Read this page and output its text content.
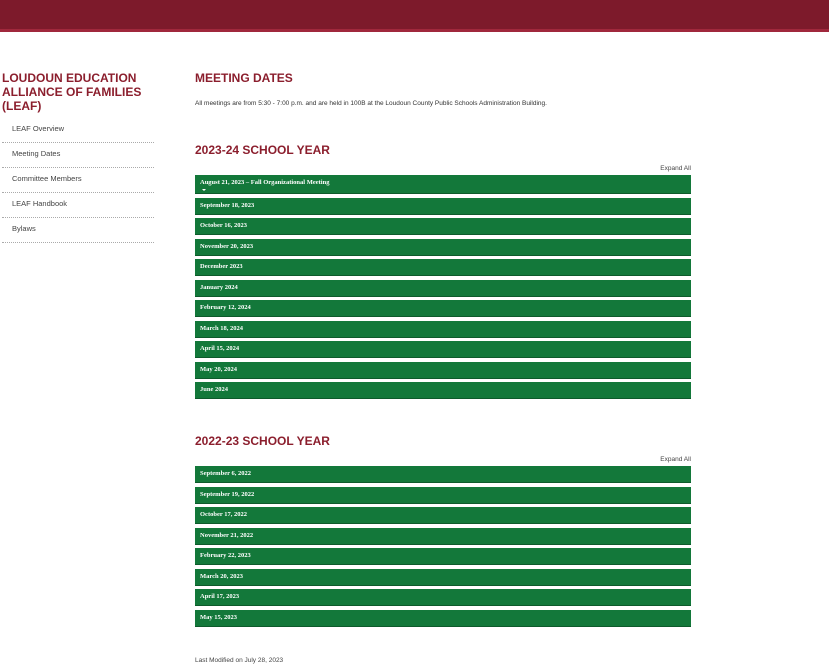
LOUDOUN EDUCATION ALLIANCE OF FAMILIES (LEAF)
LEAF Overview
Meeting Dates
Committee Members
LEAF Handbook
Bylaws
MEETING DATES

All meetings are from 5:30 - 7:00 p.m. and are held in 100B at the Loudoun County Public Schools Administration Building.

2023-24 SCHOOL YEAR
Expand All
August 21, 2023 – Fall Organizational Meeting
September 18, 2023
October 16, 2023
November 20, 2023
December 2023
January 2024
February 12, 2024
March 18, 2024
April 15, 2024
May 20, 2024
June 2024
2022-23 SCHOOL YEAR
Expand All
September 6, 2022
September 19, 2022
October 17, 2022
November 21, 2022
February 22, 2023
March 20, 2023
April 17, 2023
May 15, 2023
Last Modified on July 28, 2023
